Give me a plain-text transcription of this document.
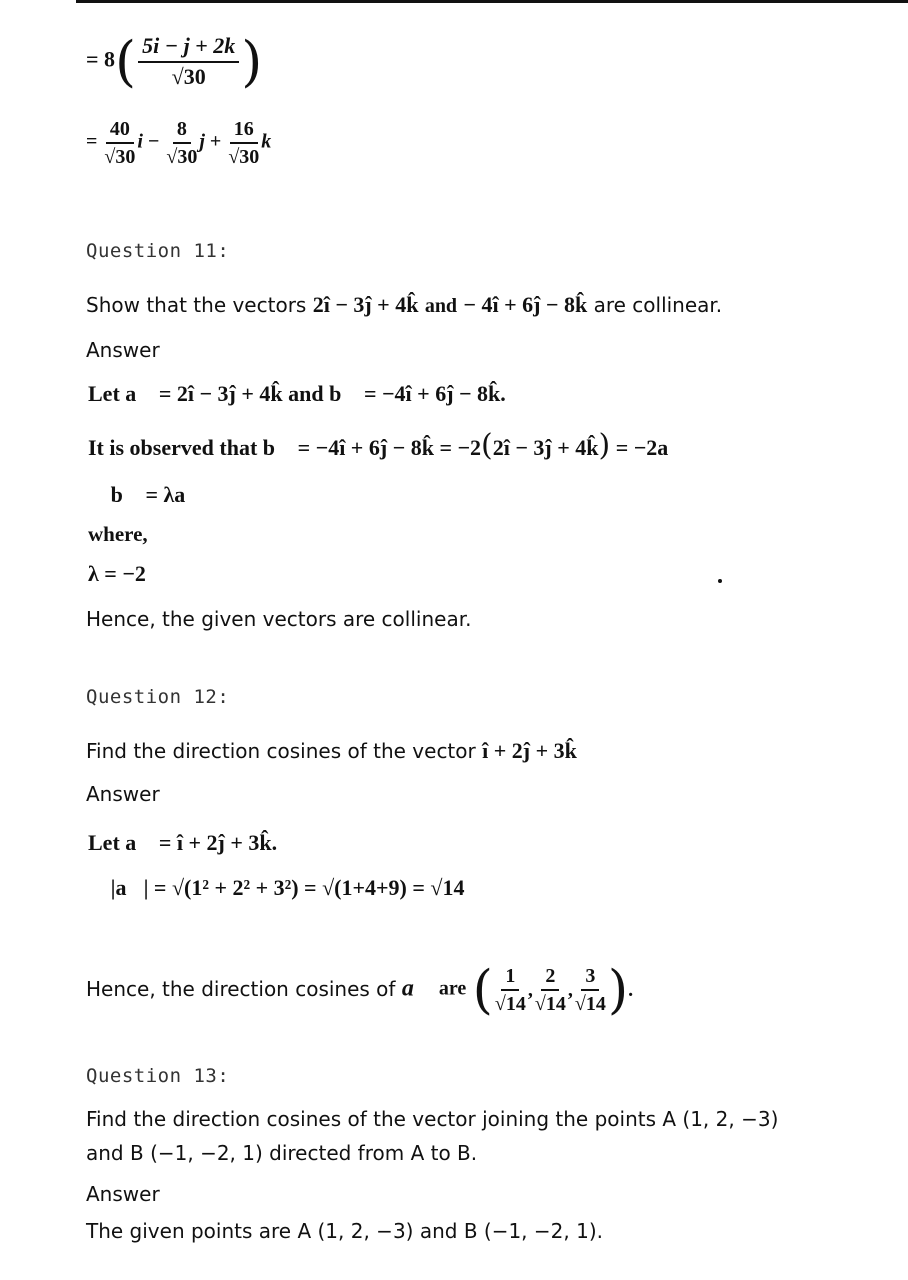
= $8( \frac{5i - j + 2k}{√30}$ )
= $\frac{40}{√30}$ $i - \frac{8}{√30}$ $j + \frac{16}{√30}$ k
Question 11:
Show that the vectors 2î − 3ĵ + 4k̂ and − 4î + 6ĵ − 8k̂ are collinear.
Answer
Let a⃗ = 2î − 3ĵ + 4k̂ and b⃗ = −4î + 6ĵ − 8k̂.
It is observed that b⃗ = −4î + 6ĵ − 8k̂ = −2(2î − 3ĵ + 4k̂) = −2a⃗
∴ b⃗ = λa⃗
where,
λ = −2
Hence, the given vectors are collinear.
Question 12:
Find the direction cosines of the vector î + 2ĵ + 3k̂
Answer
Let a⃗ = î + 2ĵ + 3k̂.
∴ |a⃗| = √(1² + 2² + 3²) = √(1+4+9) = √14
Hence, the direction cosines of a⃗ are ( $\frac{1}{√14}$ , $\frac{2}{√14}$ , $\frac{3}{√14}$ ).
Question 13:
Find the direction cosines of the vector joining the points A (1, 2, −3)
and B (−1, −2, 1) directed from A to B.
Answer
The given points are A (1, 2, −3) and B (−1, −2, 1).
